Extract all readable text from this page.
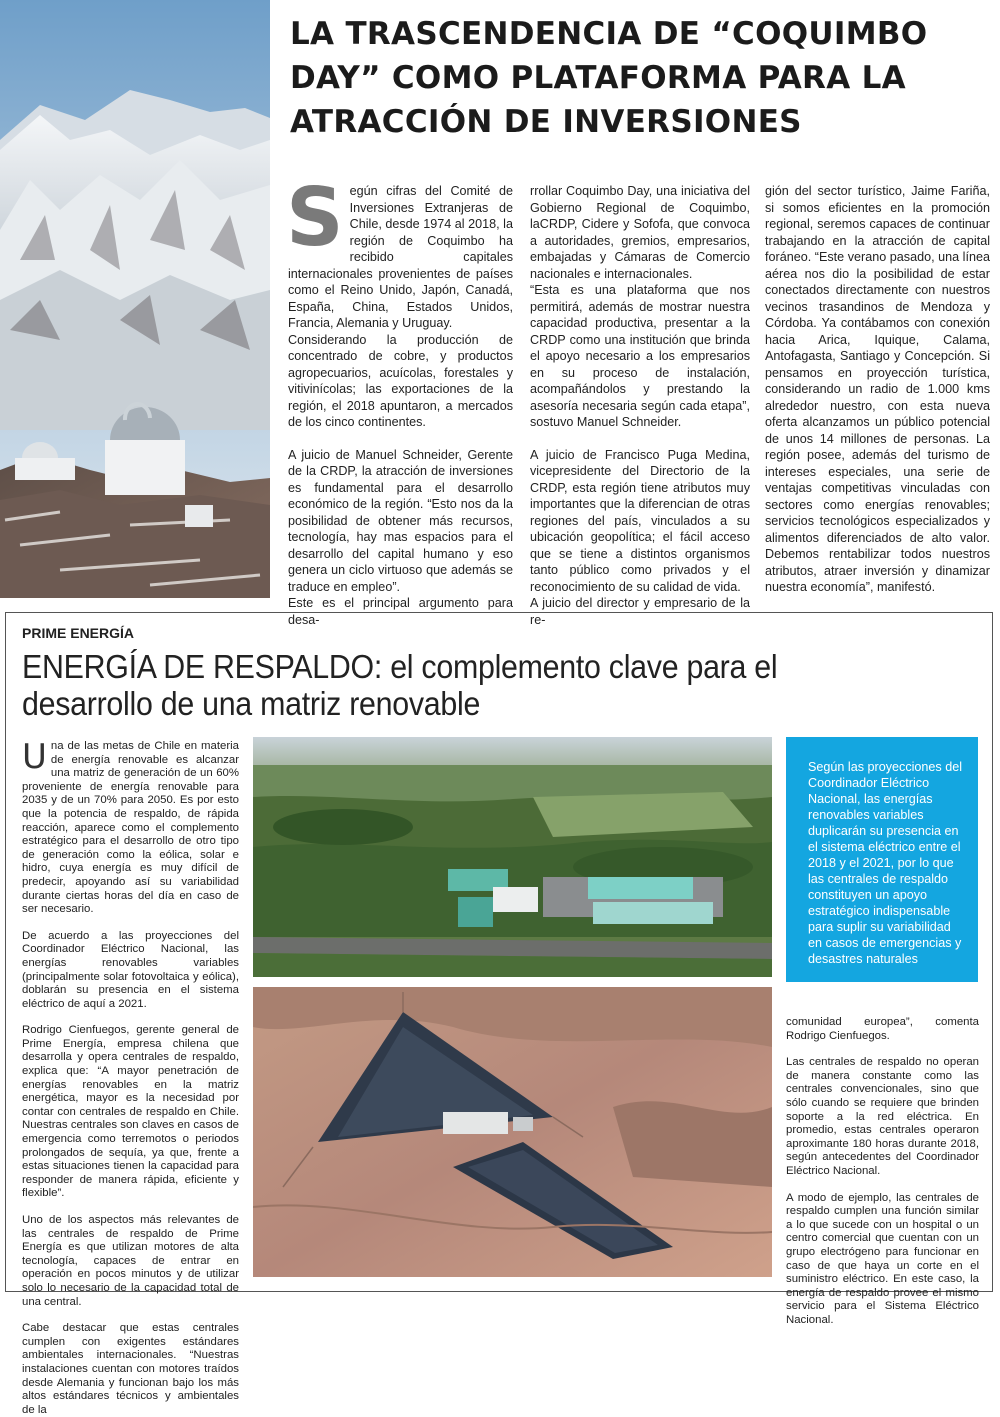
LA TRASCENDENCIA DE “COQUIMBO DAY” COMO PLATAFORMA PARA LA ATRACCIÓN DE INVERSIONES
S egún cifras del Comité de Inversiones Extranjeras de Chile, desde 1974 al 2018, la región de Coquimbo ha recibido capitales internacionales provenientes de países como el Reino Unido, Japón, Canadá, España, China, Estados Unidos, Francia, Alemania y Uruguay.

Considerando la producción de concentrado de cobre, y productos agropecuarios, acuícolas, forestales y vitivinícolas; las exportaciones de la región, el 2018 apuntaron, a mercados de los cinco continentes.

A juicio de Manuel Schneider, Gerente de la CRDP, la atracción de inversiones es fundamental para el desarrollo económico de la región. “Esto nos da la posibilidad de obtener más recursos, tecnología, hay mas espacios para el desarrollo del capital humano y eso genera un ciclo virtuoso que además se traduce en empleo”.

Este es el principal argumento para desa-

rrollar Coquimbo Day, una iniciativa del Gobierno Regional de Coquimbo, laCRDP, Cidere y Sofofa, que convoca a autoridades, gremios, empresarios, embajadas y Cámaras de Comercio nacionales e internacionales.

“Esta es una plataforma que nos permitirá, además de mostrar nuestra capacidad productiva, presentar a la CRDP como una institución que brinda el apoyo necesario a los empresarios en su proceso de instalación, acompañándolos y prestando la asesoría necesaria según cada etapa”, sostuvo Manuel Schneider.

A juicio de Francisco Puga Medina, vicepresidente del Directorio de la CRDP, esta región tiene atributos muy importantes que la diferencian de otras regiones del país, vinculados a su ubicación geopolítica; el fácil acceso que se tiene a distintos organismos tanto público como privados y el reconocimiento de su calidad de vida.

A juicio del director y empresario de la re-

gión del sector turístico, Jaime Fariña, si somos eficientes en la promoción regional, seremos capaces de continuar trabajando en la atracción de capital foráneo. “Este verano pasado, una línea aérea nos dio la posibilidad de estar conectados directamente con nuestros vecinos trasandinos de Mendoza y Córdoba. Ya contábamos con conexión hacia Arica, Iquique, Calama, Antofagasta, Santiago y Concepción. Si pensamos en proyección turística, considerando un radio de 1.000 kms alrededor nuestro, con esta nueva oferta alcanzamos un público potencial de unos 14 millones de personas. La región posee, además del turismo de intereses especiales, una serie de ventajas competitivas vinculadas con sectores como energías renovables; servicios tecnológicos especializados y alimentos diferenciados de alto valor. Debemos rentabilizar todos nuestros atributos, atraer inversión y dinamizar nuestra economía”, manifestó.

PRIME ENERGÍA
ENERGÍA DE RESPALDO: el complemento clave para el desarrollo de una matriz renovable
U na de las metas de Chile en materia de energía renovable es alcanzar una matriz de generación de un 60% proveniente de energía renovable para 2035 y de un 70% para 2050. Es por esto que la potencia de respaldo, de rápida reacción, aparece como el complemento estratégico para el desarrollo de otro tipo de generación como la eólica, solar e hidro, cuya energía es muy difícil de predecir, apoyando así su variabilidad durante ciertas horas del día en caso de ser necesario.

De acuerdo a las proyecciones del Coordinador Eléctrico Nacional, las energías renovables variables (principalmente solar fotovoltaica y eólica), doblarán su presencia en el sistema eléctrico de aquí a 2021.

Rodrigo Cienfuegos, gerente general de Prime Energía, empresa chilena que desarrolla y opera centrales de respaldo, explica que: “A mayor penetración de energías renovables en la matriz energética, mayor es la necesidad por contar con centrales de respaldo en Chile. Nuestras centrales son claves en casos de emergencia como terremotos o periodos prolongados de sequía, ya que, frente a estas situaciones tienen la capacidad para responder de manera rápida, eficiente y flexible”.

Uno de los aspectos más relevantes de las centrales de respaldo de Prime Energía es que utilizan motores de alta tecnología, capaces de entrar en operación en pocos minutos y de utilizar solo lo necesario de la capacidad total de una central.

Cabe destacar que estas centrales cumplen con exigentes estándares ambientales internacionales. “Nuestras instalaciones cuentan con motores traídos desde Alemania y funcionan bajo los más altos estándares técnicos y ambientales de la

Según las proyecciones del Coordinador Eléctrico Nacional, las energías renovables variables duplicarán su presencia en el sistema eléctrico entre el 2018 y el 2021, por lo que las centrales de respaldo constituyen un apoyo estratégico indispensable para suplir su variabilidad en casos de emergencias y desastres naturales

comunidad europea”, comenta Rodrigo Cienfuegos.

Las centrales de respaldo no operan de manera constante como las centrales convencionales, sino que sólo cuando se requiere que brinden soporte a la red eléctrica. En promedio, estas centrales operaron aproximante 180 horas durante 2018, según antecedentes del Coordinador Eléctrico Nacional.

A modo de ejemplo, las centrales de respaldo cumplen una función similar a lo que sucede con un hospital o un centro comercial que cuentan con un grupo electrógeno para funcionar en caso de que haya un corte en el suministro eléctrico. En este caso, la energía de respaldo provee el mismo servicio para el Sistema Eléctrico Nacional.
